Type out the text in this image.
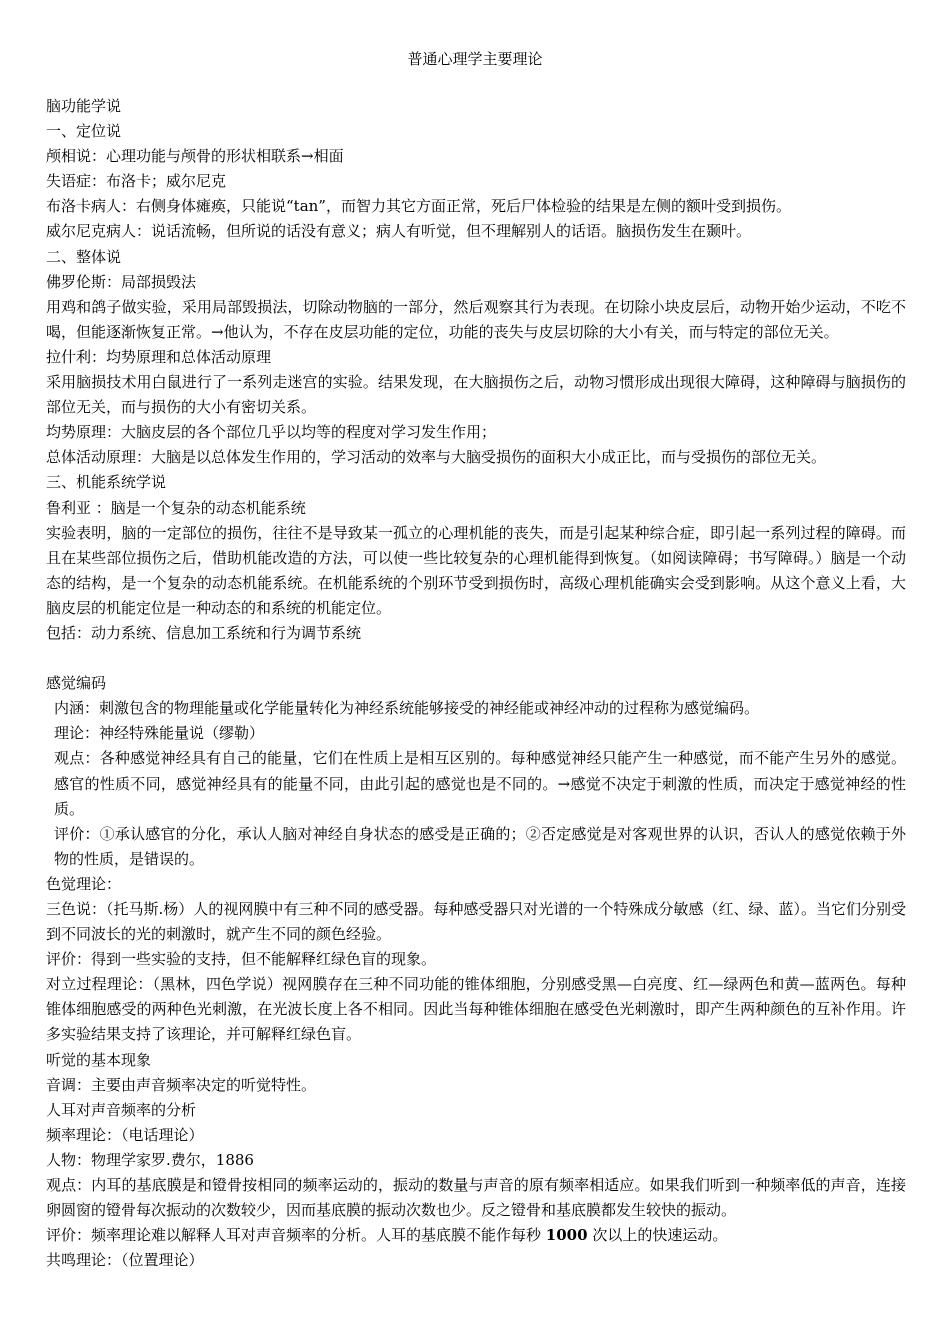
普通心理学主要理论
脑功能学说
一、定位说
颅相说：心理功能与颅骨的形状相联系→相面
失语症：布洛卡；威尔尼克
布洛卡病人：右侧身体瘫痪，只能说“tan”，而智力其它方面正常，死后尸体检验的结果是左侧的额叶受到损伤。
威尔尼克病人：说话流畅，但所说的话没有意义；病人有听觉，但不理解别人的话语。脑损伤发生在颞叶。
二、整体说
佛罗伦斯：局部损毁法
用鸡和鸽子做实验，采用局部毁损法，切除动物脑的一部分，然后观察其行为表现。在切除小块皮层后，动物开始少运动，不吃不喝，但能逐渐恢复正常。→他认为，不存在皮层功能的定位，功能的丧失与皮层切除的大小有关，而与特定的部位无关。
拉什利：均势原理和总体活动原理
采用脑损技术用白鼠进行了一系列走迷宫的实验。结果发现，在大脑损伤之后，动物习惯形成出现很大障碍，这种障碍与脑损伤的部位无关，而与损伤的大小有密切关系。
均势原理：大脑皮层的各个部位几乎以均等的程度对学习发生作用；
总体活动原理：大脑是以总体发生作用的，学习活动的效率与大脑受损伤的面积大小成正比，而与受损伤的部位无关。
三、机能系统学说
鲁利亚 ：脑是一个复杂的动态机能系统
实验表明，脑的一定部位的损伤，往往不是导致某一孤立的心理机能的丧失，而是引起某种综合症，即引起一系列过程的障碍。而且在某些部位损伤之后，借助机能改造的方法，可以使一些比较复杂的心理机能得到恢复。（如阅读障碍；书写障碍。）脑是一个动态的结构，是一个复杂的动态机能系统。在机能系统的个别环节受到损伤时，高级心理机能确实会受到影响。从这个意义上看，大脑皮层的机能定位是一种动态的和系统的机能定位。
包括：动力系统、信息加工系统和行为调节系统
感觉编码
内涵：刺激包含的物理能量或化学能量转化为神经系统能够接受的神经能或神经冲动的过程称为感觉编码。
理论：神经特殊能量说（缪勒）
观点：各种感觉神经具有自己的能量，它们在性质上是相互区别的。每种感觉神经只能产生一种感觉，而不能产生另外的感觉。感官的性质不同，感觉神经具有的能量不同，由此引起的感觉也是不同的。→感觉不决定于刺激的性质，而决定于感觉神经的性质。
评价：①承认感官的分化，承认人脑对神经自身状态的感受是正确的；②否定感觉是对客观世界的认识，否认人的感觉依赖于外物的性质，是错误的。
色觉理论：
三色说：（托马斯.杨）人的视网膜中有三种不同的感受器。每种感受器只对光谱的一个特殊成分敏感（红、绿、蓝）。当它们分别受到不同波长的光的刺激时，就产生不同的颜色经验。
评价：得到一些实验的支持，但不能解释红绿色盲的现象。
对立过程理论：（黑林，四色学说）视网膜存在三种不同功能的锥体细胞，分别感受黑—白亮度、红—绿两色和黄—蓝两色。每种锥体细胞感受的两种色光刺激，在光波长度上各不相同。因此当每种锥体细胞在感受色光刺激时，即产生两种颜色的互补作用。许多实验结果支持了该理论，并可解释红绿色盲。
听觉的基本现象
音调：主要由声音频率决定的听觉特性。
人耳对声音频率的分析
频率理论：（电话理论）
人物：物理学家罗.费尔，1886
观点：内耳的基底膜是和镫骨按相同的频率运动的，振动的数量与声音的原有频率相适应。如果我们听到一种频率低的声音，连接卵圆窗的镫骨每次振动的次数较少，因而基底膜的振动次数也少。反之镫骨和基底膜都发生较快的振动。
评价：频率理论难以解释人耳对声音频率的分析。人耳的基底膜不能作每秒 1000 次以上的快速运动。
共鸣理论：（位置理论）
